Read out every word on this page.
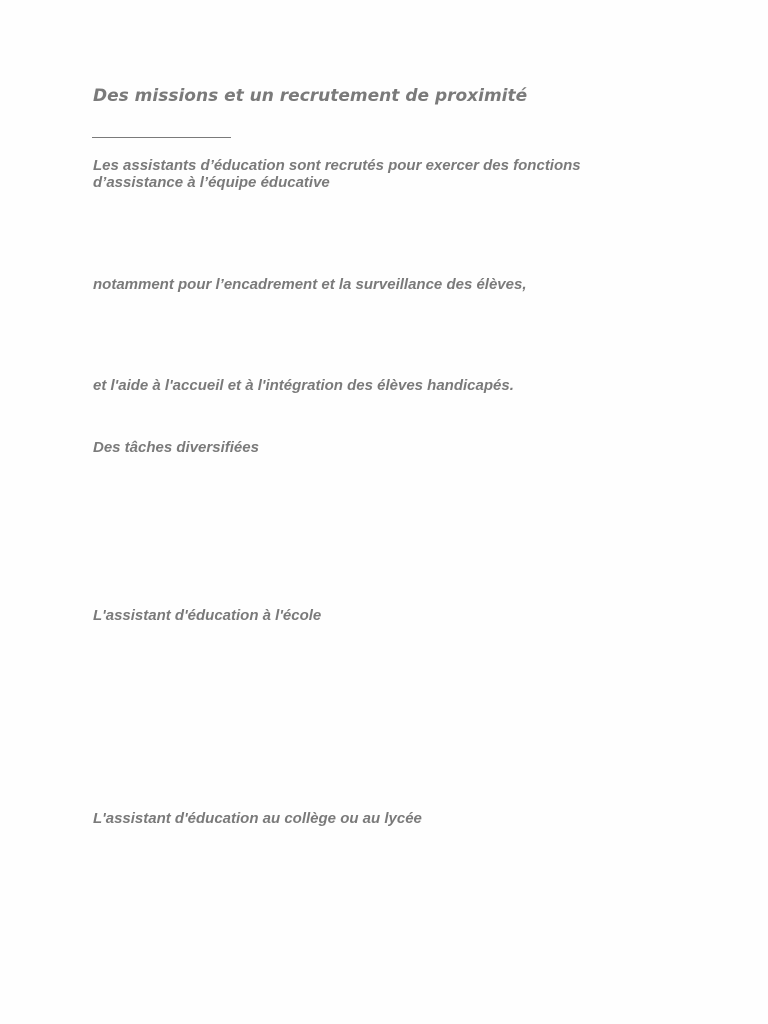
Des missions et un recrutement de proximité

Les assistants d’éducation sont recrutés pour exercer des fonctions
d’assistance à l’équipe éducative

notamment pour l’encadrement et la surveillance des élèves,

et l'aide à l'accueil et à l'intégration des élèves handicapés.

Des tâches diversifiées

L'assistant d'éducation à l'école

L'assistant d'éducation au collège ou au lycée
